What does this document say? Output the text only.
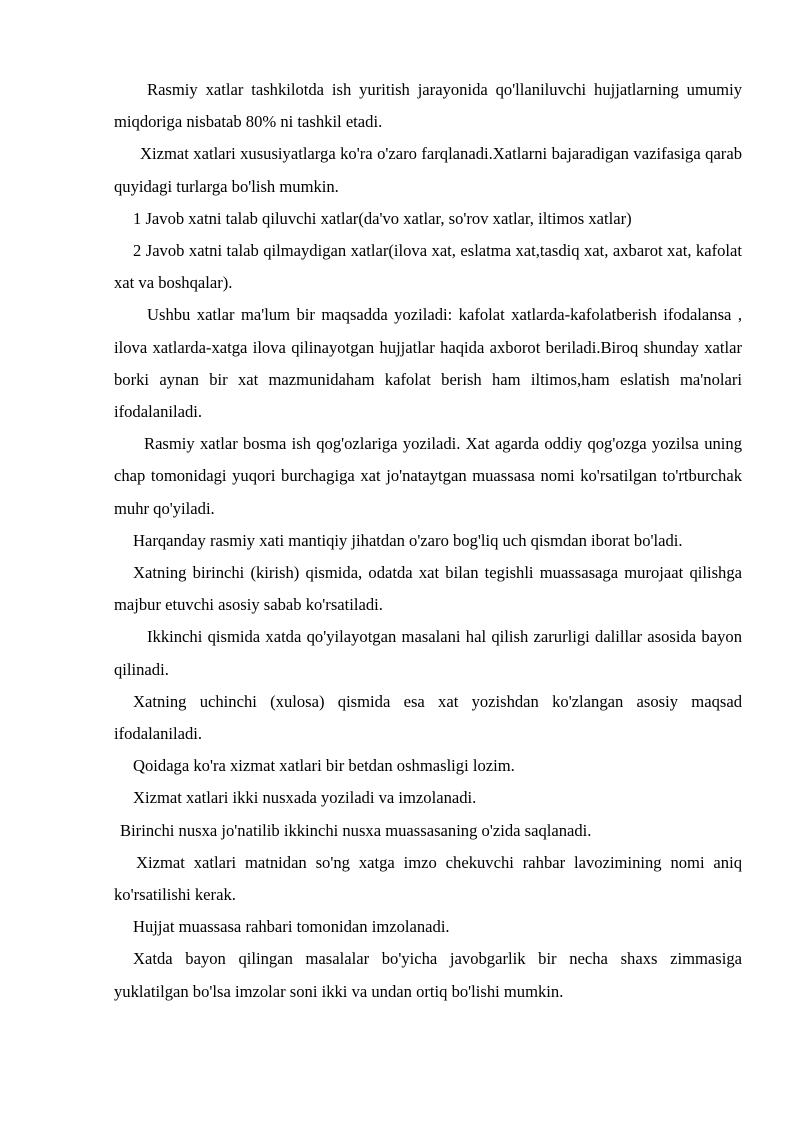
Rasmiy xatlar tashkilotda ish yuritish jarayonida qo'llaniluvchi hujjatlarning umumiy miqdoriga nisbatab 80% ni tashkil etadi.

Xizmat xatlari xususiyatlarga ko'ra o'zaro farqlanadi.Xatlarni bajaradigan vazifasiga qarab quyidagi turlarga bo'lish mumkin.

1 Javob xatni talab qiluvchi xatlar(da'vo xatlar, so'rov xatlar, iltimos xatlar)

2 Javob xatni talab qilmaydigan xatlar(ilova xat, eslatma xat,tasdiq xat, axbarot xat, kafolat xat va boshqalar).

Ushbu xatlar ma'lum bir maqsadda yoziladi: kafolat xatlarda-kafolatberish ifodalansa , ilova xatlarda-xatga ilova qilinayotgan hujjatlar haqida axborot beriladi.Biroq shunday xatlar borki aynan bir xat mazmunidaham kafolat berish ham iltimos,ham eslatish ma'nolari ifodalaniladi.

Rasmiy xatlar bosma ish qog'ozlariga yoziladi. Xat agarda oddiy qog'ozga yozilsa uning chap tomonidagi yuqori burchagiga xat jo'nataytgan muassasa nomi ko'rsatilgan to'rtburchak muhr qo'yiladi.

Harqanday rasmiy xati mantiqiy jihatdan o'zaro bog'liq uch qismdan iborat bo'ladi.

Xatning birinchi (kirish) qismida, odatda xat bilan tegishli muassasaga murojaat qilishga majbur etuvchi asosiy sabab ko'rsatiladi.

Ikkinchi qismida xatda qo'yilayotgan masalani hal qilish zarurligi dalillar asosida bayon qilinadi.

Xatning uchinchi (xulosa) qismida esa xat yozishdan ko'zlangan asosiy maqsad ifodalaniladi.

Qoidaga ko'ra xizmat xatlari bir betdan oshmasligi lozim.

Xizmat xatlari ikki nusxada yoziladi va imzolanadi.

Birinchi nusxa jo'natilib ikkinchi nusxa muassasaning o'zida saqlanadi.

Xizmat xatlari matnidan so'ng xatga imzo chekuvchi rahbar lavozimining nomi aniq ko'rsatilishi kerak.

Hujjat muassasa rahbari tomonidan imzolanadi.

Xatda bayon qilingan masalalar bo'yicha javobgarlik bir necha shaxs zimmasiga yuklatilgan bo'lsa imzolar soni ikki va undan ortiq bo'lishi mumkin.
